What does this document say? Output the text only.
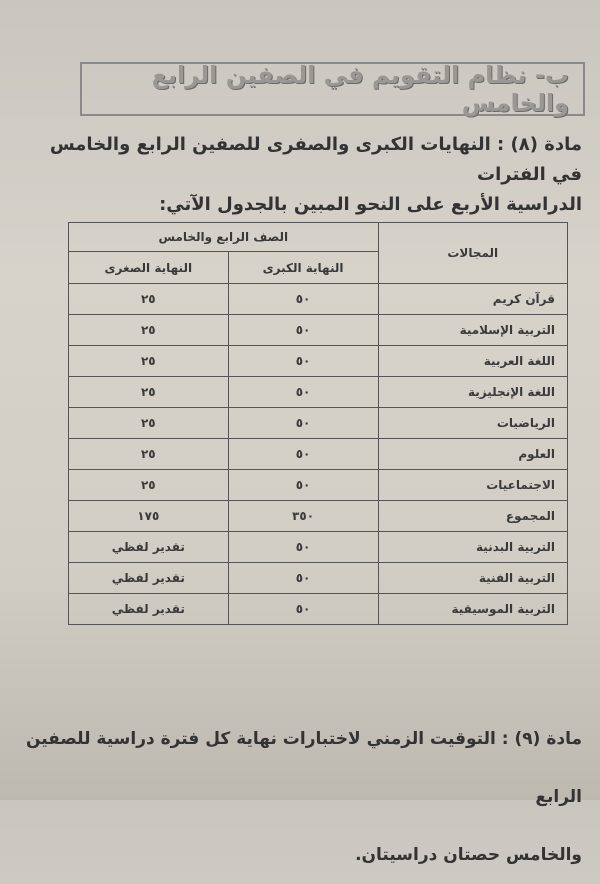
ب- نظام التقويم في الصفين الرابع والخامس
مادة (٨) : النهايات الكبرى والصفرى للصفين الرابع والخامس في الفترات
الدراسية الأربع على النحو المبين بالجدول الآتي:
المجالات	الصف الرابع والخامس	
	النهاية الكبرى	النهاية الصغرى
قرآن كريم	٥٠	٢٥
التربية الإسلامية	٥٠	٢٥
اللغة العربية	٥٠	٢٥
اللغة الإنجليزية	٥٠	٢٥
الرياضيات	٥٠	٢٥
العلوم	٥٠	٢٥
الاجتماعيات	٥٠	٢٥
المجموع	٣٥٠	١٧٥
التربية البدنية	٥٠	تقدير لفظي
التربية الفنية	٥٠	تقدير لفظي
التربية الموسيقية	٥٠	تقدير لفظي
مادة (٩) : التوقيت الزمني لاختبارات نهاية كل فترة دراسية للصفين الرابع
والخامس حصتان دراسيتان.
